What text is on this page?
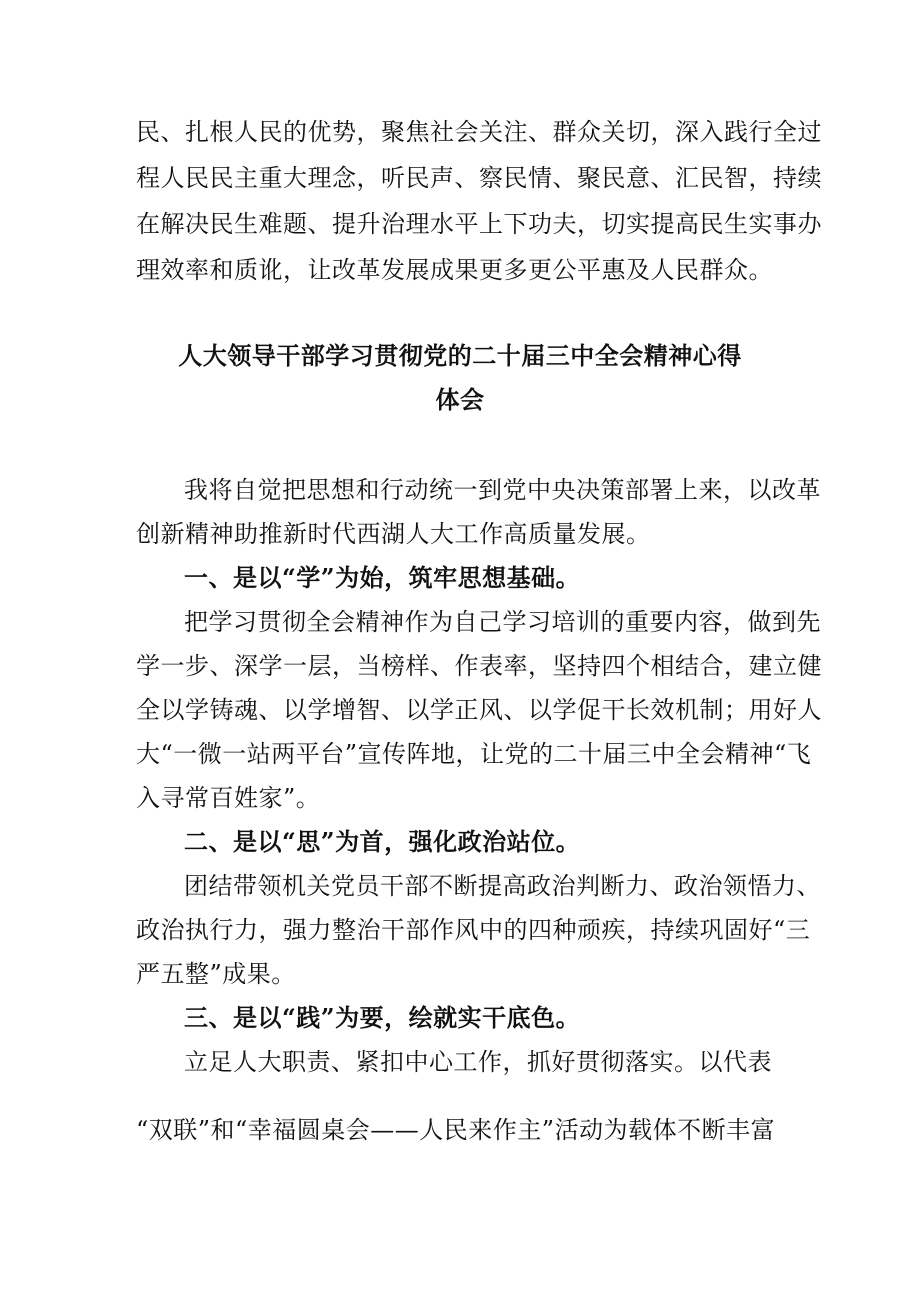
民、扎根人民的优势，聚焦社会关注、群众关切，深入践行全过
程人民民主重大理念，听民声、察民情、聚民意、汇民智，持续
在解决民生难题、提升治理水平上下功夫，切实提高民生实事办
理效率和质讹，让改革发展成果更多更公平惠及人民群众。
人大领导干部学习贯彻党的二十届三中全会精神心得
体会
我将自觉把思想和行动统一到党中央决策部署上来，以改革
创新精神助推新时代西湖人大工作高质量发展。
一、是以“学”为始，筑牢思想基础。
把学习贯彻全会精神作为自己学习培训的重要内容，做到先
学一步、深学一层，当榜样、作表率，坚持四个相结合，建立健
全以学铸魂、以学增智、以学正风、以学促干长效机制；用好人
大“一微一站两平台”宣传阵地，让党的二十届三中全会精神“飞
入寻常百姓家”。
二、是以“思”为首，强化政治站位。
团结带领机关党员干部不断提高政治判断力、政治领悟力、
政治执行力，强力整治干部作风中的四种顽疾，持续巩固好“三
严五整”成果。
三、是以“践”为要，绘就实干底色。
立足人大职责、紧扣中心工作，抓好贯彻落实。以代表
“双联”和“幸福圆桌会——人民来作主”活动为载体不断丰富
